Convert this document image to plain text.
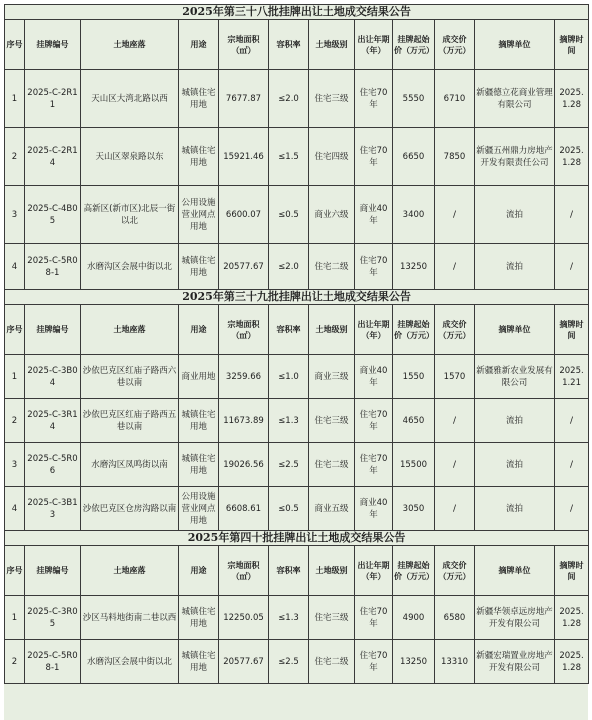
2025年第三十八批挂牌出让土地成交结果公告											
序号	挂牌编号	土地座落	用途	宗地面积（㎡）	容积率	土地级别	出让年期（年）	挂牌起始价（万元）	成交价（万元）	摘牌单位	摘牌时间
1	2025-C-2R11	天山区大湾北路以西	城镇住宅用地	7677.87	≤2.0	住宅三级	住宅70年	5550	6710	新疆德立花商业管理有限公司	2025.1.28
2	2025-C-2R14	天山区翠泉路以东	城镇住宅用地	15921.46	≤1.5	住宅四级	住宅70年	6650	7850	新疆五州鼎力房地产开发有限责任公司	2025.1.28
3	2025-C-4B05	高新区(新市区)北辰一街以北	公用设施营业网点用地	6600.07	≤0.5	商业六级	商业40年	3400	/	流拍	/
4	2025-C-5R08-1	水磨沟区会展中街以北	城镇住宅用地	20577.67	≤2.0	住宅二级	住宅70年	13250	/	流拍	/
2025年第三十九批挂牌出让土地成交结果公告											
序号	挂牌编号	土地座落	用途	宗地面积（㎡）	容积率	土地级别	出让年期（年）	挂牌起始价（万元）	成交价（万元）	摘牌单位	摘牌时间
1	2025-C-3B04	沙依巴克区红庙子路西六巷以南	商业用地	3259.66	≤1.0	商业三级	商业40年	1550	1570	新疆雅新农业发展有限公司	2025.1.21
2	2025-C-3R14	沙依巴克区红庙子路西五巷以南	城镇住宅用地	11673.89	≤1.3	住宅三级	住宅70年	4650	/	流拍	/
3	2025-C-5R06	水磨沟区凤鸣街以南	城镇住宅用地	19026.56	≤2.5	住宅二级	住宅70年	15500	/	流拍	/
4	2025-C-3B13	沙依巴克区仓房沟路以南	公用设施营业网点用地	6608.61	≤0.5	商业五级	商业40年	3050	/	流拍	/
2025年第四十批挂牌出让土地成交结果公告											
序号	挂牌编号	土地座落	用途	宗地面积（㎡）	容积率	土地级别	出让年期（年）	挂牌起始价（万元）	成交价（万元）	摘牌单位	摘牌时间
1	2025-C-3R05	沙区马料地街南二巷以西	城镇住宅用地	12250.05	≤1.3	住宅三级	住宅70年	4900	6580	新疆华领卓远房地产开发有限公司	2025.1.28
2	2025-C-5R08-1	水磨沟区会展中街以北	城镇住宅用地	20577.67	≤2.5	住宅二级	住宅70年	13250	13310	新疆宏瑞置业房地产开发有限公司	2025.1.28
